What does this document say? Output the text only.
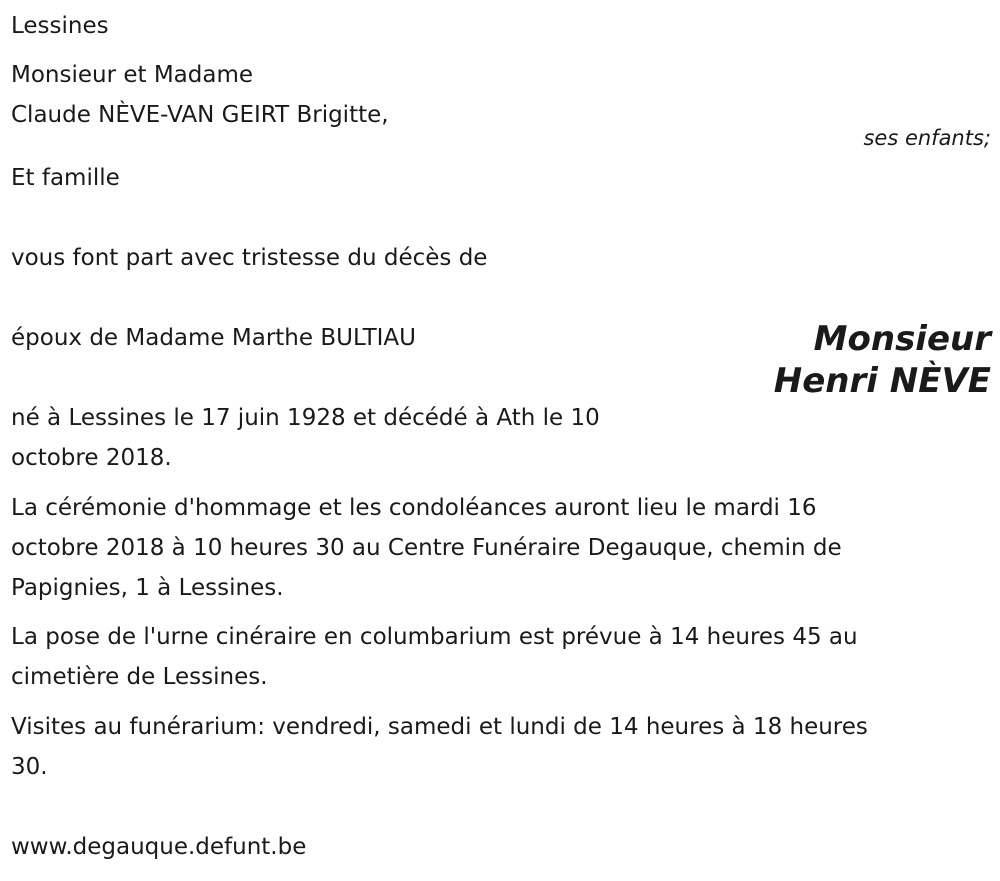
Lessines
Monsieur et Madame
Claude NÈVE-VAN GEIRT Brigitte,
ses enfants;
Et famille
vous font part avec tristesse du décès de
époux de Madame Marthe BULTIAU	Monsieur
Henri NÈVE
né à Lessines le 17 juin 1928 et décédé à Ath le 10
octobre 2018.
La cérémonie d'hommage et les condoléances auront lieu le mardi 16
octobre 2018 à 10 heures 30 au Centre Funéraire Degauque, chemin de
Papignies, 1 à Lessines.
La pose de l'urne cinéraire en columbarium est prévue à 14 heures 45 au
cimetière de Lessines.
Visites au funérarium: vendredi, samedi et lundi de 14 heures à 18 heures
30.
www.degauque.defunt.be
